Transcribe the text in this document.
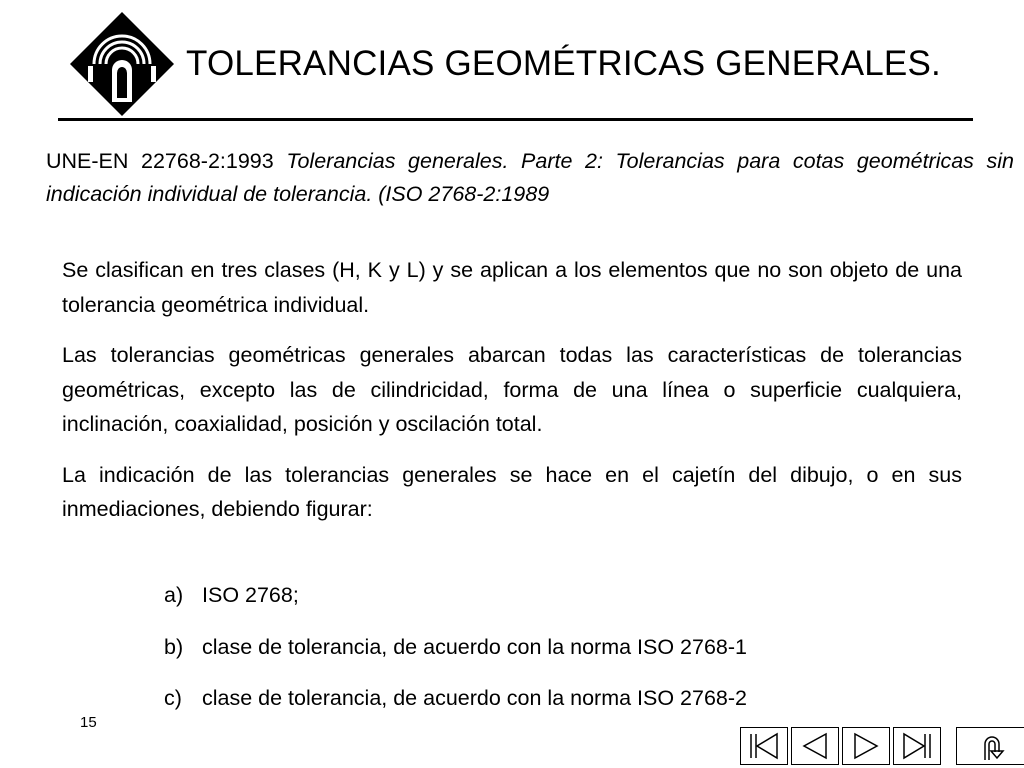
TOLERANCIAS GEOMÉTRICAS GENERALES.
UNE-EN 22768-2:1993 Tolerancias generales. Parte 2: Tolerancias para cotas geométricas sin indicación individual de tolerancia. (ISO 2768-2:1989

Se clasifican en tres clases (H, K y L) y se aplican a los elementos que no son objeto de una tolerancia geométrica individual.

Las tolerancias geométricas generales abarcan todas las características de tolerancias geométricas, excepto las de cilindricidad, forma de una línea o superficie cualquiera, inclinación, coaxialidad, posición y oscilación total.

La indicación de las tolerancias generales se hace en el cajetín del dibujo, o en sus inmediaciones, debiendo figurar:

a) ISO 2768;
b) clase de tolerancia, de acuerdo con la norma ISO 2768-1
c) clase de tolerancia, de acuerdo con la norma ISO 2768-2
15
